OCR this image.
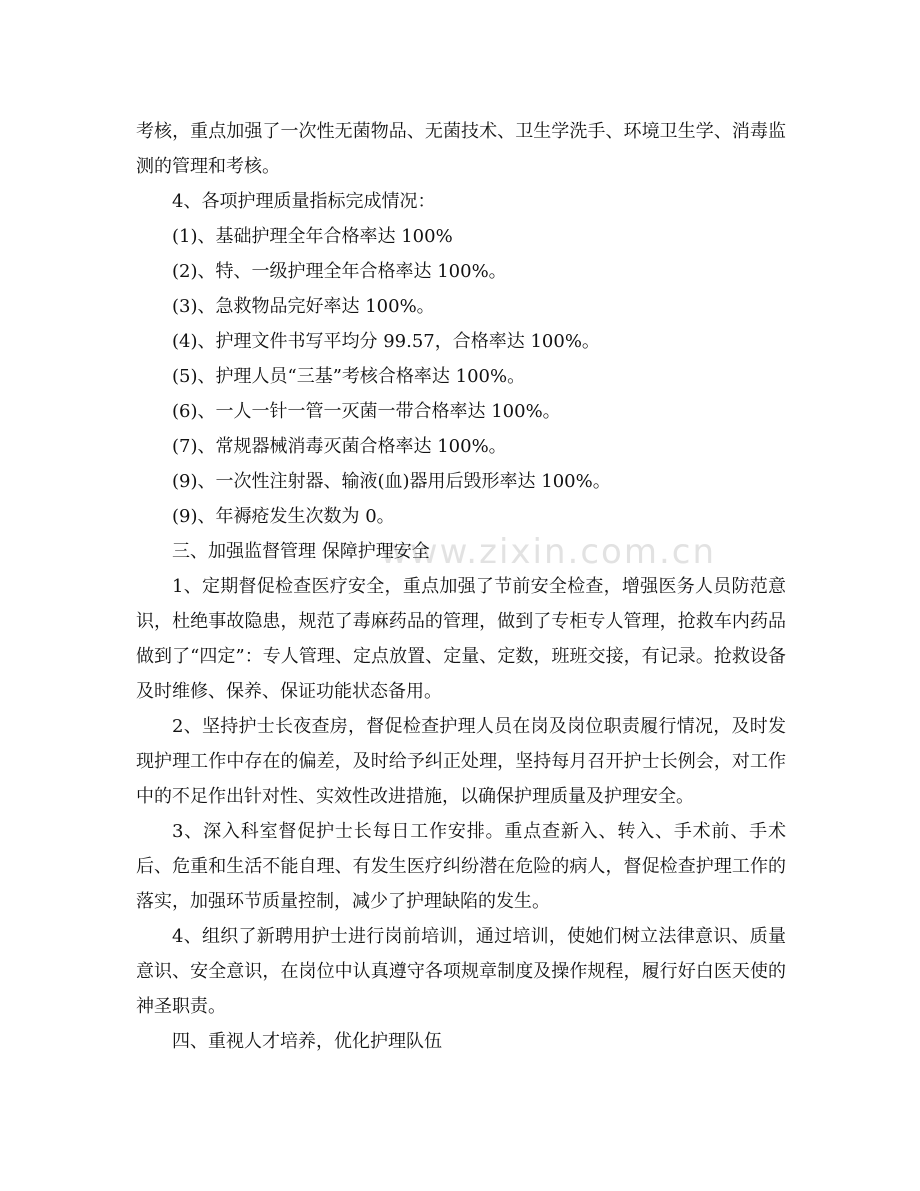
www.zixin.com.cn

考核，重点加强了一次性无菌物品、无菌技术、卫生学洗手、环境卫生学、消毒监测的管理和考核。

4、各项护理质量指标完成情况：

(1)、基础护理全年合格率达 100%

(2)、特、一级护理全年合格率达 100%。

(3)、急救物品完好率达 100%。

(4)、护理文件书写平均分 99.57，合格率达 100%。

(5)、护理人员“三基”考核合格率达 100%。

(6)、一人一针一管一灭菌一带合格率达 100%。

(7)、常规器械消毒灭菌合格率达 100%。

(9)、一次性注射器、输液(血)器用后毁形率达 100%。

(9)、年褥疮发生次数为 0。

三、加强监督管理 保障护理安全

1、定期督促检查医疗安全，重点加强了节前安全检查，增强医务人员防范意识，杜绝事故隐患，规范了毒麻药品的管理，做到了专柜专人管理，抢救车内药品做到了“四定”：专人管理、定点放置、定量、定数，班班交接，有记录。抢救设备及时维修、保养、保证功能状态备用。

2、坚持护士长夜查房，督促检查护理人员在岗及岗位职责履行情况，及时发现护理工作中存在的偏差，及时给予纠正处理，坚持每月召开护士长例会，对工作中的不足作出针对性、实效性改进措施，以确保护理质量及护理安全。

3、深入科室督促护士长每日工作安排。重点查新入、转入、手术前、手术后、危重和生活不能自理、有发生医疗纠纷潜在危险的病人，督促检查护理工作的落实，加强环节质量控制，减少了护理缺陷的发生。

4、组织了新聘用护士进行岗前培训，通过培训，使她们树立法律意识、质量意识、安全意识，在岗位中认真遵守各项规章制度及操作规程，履行好白医天使的神圣职责。

四、重视人才培养，优化护理队伍
